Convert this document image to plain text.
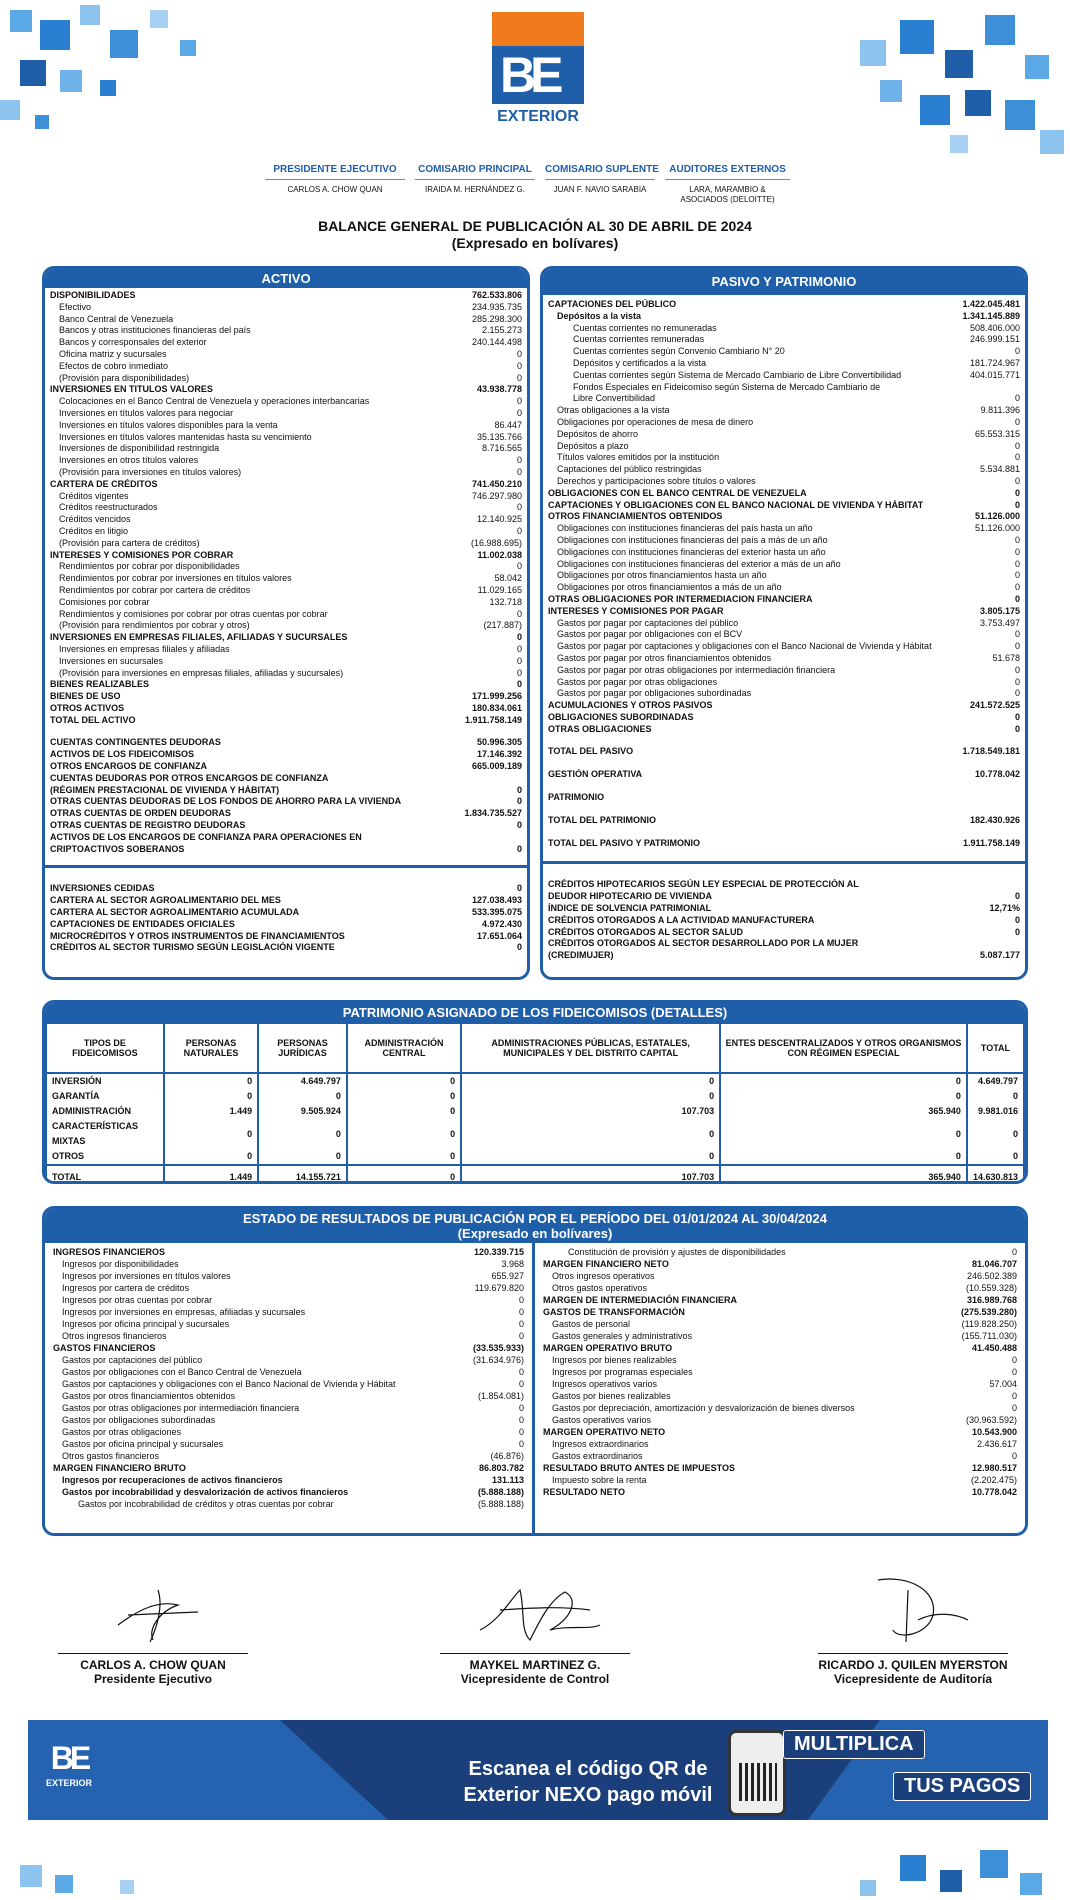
BE
EXTERIOR
PRESIDENTE EJECUTIVO
CARLOS A. CHOW QUAN
COMISARIO PRINCIPAL
IRAIDA M. HERNÁNDEZ G.
COMISARIO SUPLENTE
JUAN F. NAVIO SARABIA
AUDITORES EXTERNOS
LARA, MARAMBIO & ASOCIADOS (DELOITTE)
BALANCE GENERAL DE PUBLICACIÓN AL 30 DE ABRIL DE 2024
(Expresado en bolívares)
ACTIVO
DISPONIBILIDADES	762.533.806
Efectivo	234.935.735
Banco Central de Venezuela	285.298.300
Bancos y otras instituciones financieras del país	2.155.273
Bancos y corresponsales del exterior	240.144.498
Oficina matriz y sucursales	0
Efectos de cobro inmediato	0
(Provisión para disponibilidades)	0
INVERSIONES EN TITULOS VALORES	43.938.778
Colocaciones en el Banco Central de Venezuela y operaciones interbancarias	0
Inversiones en títulos valores para negociar	0
Inversiones en títulos valores disponibles para la venta	86.447
Inversiones en títulos valores mantenidas hasta su vencimiento	35.135.766
Inversiones de disponibilidad restringida	8.716.565
Inversiones en otros títulos valores	0
(Provisión para inversiones en títulos valores)	0
CARTERA DE CRÉDITOS	741.450.210
Créditos vigentes	746.297.980
Créditos reestructurados	0
Créditos vencidos	12.140.925
Créditos en litigio	0
(Provisión para cartera de créditos)	(16.988.695)
INTERESES Y COMISIONES POR COBRAR	11.002.038
Rendimientos por cobrar por disponibilidades	0
Rendimientos por cobrar por inversiones en títulos valores	58.042
Rendimientos por cobrar por cartera de créditos	11.029.165
Comisiones por cobrar	132.718
Rendimientos y comisiones por cobrar por otras cuentas por cobrar	0
(Provisión para rendimientos por cobrar y otros)	(217.887)
INVERSIONES EN EMPRESAS FILIALES, AFILIADAS Y SUCURSALES	0
Inversiones en empresas filiales y afiliadas	0
Inversiones en sucursales	0
(Provisión para inversiones en empresas filiales, afiliadas y sucursales)	0
BIENES REALIZABLES	0
BIENES DE USO	171.999.256
OTROS ACTIVOS	180.834.061
TOTAL DEL ACTIVO	1.911.758.149
CUENTAS CONTINGENTES DEUDORAS	50.996.305
ACTIVOS DE LOS FIDEICOMISOS	17.146.392
OTROS ENCARGOS DE CONFIANZA	665.009.189
CUENTAS DEUDORAS POR OTROS ENCARGOS DE CONFIANZA
(RÉGIMEN PRESTACIONAL DE VIVIENDA Y HÁBITAT)	0
OTRAS CUENTAS DEUDORAS DE LOS FONDOS DE AHORRO PARA LA VIVIENDA	0
OTRAS CUENTAS DE ORDEN DEUDORAS	1.834.735.527
OTRAS CUENTAS DE REGISTRO DEUDORAS	0
ACTIVOS DE LOS ENCARGOS DE CONFIANZA PARA OPERACIONES EN
CRIPTOACTIVOS SOBERANOS	0
INVERSIONES CEDIDAS	0
CARTERA AL SECTOR AGROALIMENTARIO DEL MES	127.038.493
CARTERA AL SECTOR AGROALIMENTARIO ACUMULADA	533.395.075
CAPTACIONES DE ENTIDADES OFICIALES	4.972.430
MICROCRÉDITOS Y OTROS INSTRUMENTOS DE FINANCIAMIENTOS	17.651.064
CRÉDITOS AL SECTOR TURISMO SEGÚN LEGISLACIÓN VIGENTE	0
PASIVO Y PATRIMONIO
CAPTACIONES DEL PÚBLICO	1.422.045.481
Depósitos a la vista	1.341.145.889
Cuentas corrientes no remuneradas	508.406.000
Cuentas corrientes remuneradas	246.999.151
Cuentas corrientes según Convenio Cambiario N° 20	0
Depósitos y certificados a la vista	181.724.967
Cuentas corrientes según Sistema de Mercado Cambiario de Libre Convertibilidad	404.015.771
Fondos Especiales en Fideicomiso según Sistema de Mercado Cambiario de
Libre Convertibilidad	0
Otras obligaciones a la vista	9.811.396
Obligaciones por operaciones de mesa de dinero	0
Depósitos de ahorro	65.553.315
Depósitos a plazo	0
Títulos valores emitidos por la institución	0
Captaciones del público restringidas	5.534.881
Derechos y participaciones sobre títulos o valores	0
OBLIGACIONES CON EL BANCO CENTRAL DE VENEZUELA	0
CAPTACIONES Y OBLIGACIONES CON EL BANCO NACIONAL DE VIVIENDA Y HÁBITAT	0
OTROS FINANCIAMIENTOS OBTENIDOS	51.126.000
Obligaciones con instituciones financieras del país hasta un año	51.126.000
Obligaciones con instituciones financieras del país a más de un año	0
Obligaciones con instituciones financieras del exterior hasta un año	0
Obligaciones con instituciones financieras del exterior a más de un año	0
Obligaciones por otros financiamientos hasta un año	0
Obligaciones por otros financiamientos a más de un año	0
OTRAS OBLIGACIONES POR INTERMEDIACION FINANCIERA	0
INTERESES Y COMISIONES POR PAGAR	3.805.175
Gastos por pagar por captaciones del público	3.753.497
Gastos por pagar por obligaciones con el BCV	0
Gastos por pagar por captaciones y obligaciones con el Banco Nacional de Vivienda y Hábitat	0
Gastos por pagar por otros financiamientos obtenidos	51.678
Gastos por pagar por otras obligaciones por intermediación financiera	0
Gastos por pagar por otras obligaciones	0
Gastos por pagar por obligaciones subordinadas	0
ACUMULACIONES Y OTROS PASIVOS	241.572.525
OBLIGACIONES SUBORDINADAS	0
OTRAS OBLIGACIONES	0
TOTAL DEL PASIVO	1.718.549.181
GESTIÓN OPERATIVA	10.778.042
PATRIMONIO
TOTAL DEL PATRIMONIO	182.430.926
TOTAL DEL PASIVO Y PATRIMONIO	1.911.758.149
CRÉDITOS HIPOTECARIOS SEGÚN LEY ESPECIAL DE PROTECCIÓN AL
DEUDOR HIPOTECARIO DE VIVIENDA	0
ÍNDICE DE SOLVENCIA PATRIMONIAL	12,71%
CRÉDITOS OTORGADOS A LA ACTIVIDAD MANUFACTURERA	0
CRÉDITOS OTORGADOS AL SECTOR SALUD	0
CRÉDITOS OTORGADOS AL SECTOR DESARROLLADO POR LA MUJER
(CREDIMUJER)	5.087.177
PATRIMONIO ASIGNADO DE LOS FIDEICOMISOS (DETALLES)
TIPOS DE FIDEICOMISOS	PERSONAS NATURALES	PERSONAS JURÍDICAS	ADMINISTRACIÓN CENTRAL	ADMINISTRACIONES PÚBLICAS, ESTATALES, MUNICIPALES Y DEL DISTRITO CAPITAL	ENTES DESCENTRALIZADOS Y OTROS ORGANISMOS CON RÉGIMEN ESPECIAL	TOTAL
INVERSIÓN	0	4.649.797	0	0	0	4.649.797
GARANTÍA	0	0	0	0	0	0
ADMINISTRACIÓN	1.449	9.505.924	0	107.703	365.940	9.981.016
CARACTERÍSTICAS MIXTAS	0	0	0	0	0	0
OTROS	0	0	0	0	0	0

TOTAL	1.449	14.155.721	0	107.703	365.940	14.630.813
ESTADO DE RESULTADOS DE PUBLICACIÓN POR EL PERÍODO DEL 01/01/2024 AL 30/04/2024
(Expresado en bolívares)
INGRESOS FINANCIEROS	120.339.715
Ingresos por disponibilidades	3.968
Ingresos por inversiones en títulos valores	655.927
Ingresos por cartera de créditos	119.679.820
Ingresos por otras cuentas por cobrar	0
Ingresos por inversiones en empresas, afiliadas y sucursales	0
Ingresos por oficina principal y sucursales	0
Otros ingresos financieros	0
GASTOS FINANCIEROS	(33.535.933)
Gastos por captaciones del público	(31.634.976)
Gastos por obligaciones con el Banco Central de Venezuela	0
Gastos por captaciones y obligaciones con el Banco Nacional de Vivienda y Hábitat	0
Gastos por otros financiamientos obtenidos	(1.854.081)
Gastos por otras obligaciones por intermediación financiera	0
Gastos por obligaciones subordinadas	0
Gastos por otras obligaciones	0
Gastos por oficina principal y sucursales	0
Otros gastos financieros	(46.876)
MARGEN FINANCIERO BRUTO	86.803.782
Ingresos por recuperaciones de activos financieros	131.113
Gastos por incobrabilidad y desvalorización de activos financieros	(5.888.188)
Gastos por incobrabilidad de créditos y otras cuentas por cobrar	(5.888.188)
Constitución de provisión y ajustes de disponibilidades	0
MARGEN FINANCIERO NETO	81.046.707
Otros ingresos operativos	246.502.389
Otros gastos operativos	(10.559.328)
MARGEN DE INTERMEDIACIÓN FINANCIERA	316.989.768
GASTOS DE TRANSFORMACIÓN	(275.539.280)
Gastos de personal	(119.828.250)
Gastos generales y administrativos	(155.711.030)
MARGEN OPERATIVO BRUTO	41.450.488
Ingresos por bienes realizables	0
Ingresos por programas especiales	0
Ingresos operativos varios	57.004
Gastos por bienes realizables	0
Gastos por depreciación, amortización y desvalorización de bienes diversos	0
Gastos operativos varios	(30.963.592)
MARGEN OPERATIVO NETO	10.543.900
Ingresos extraordinarios	2.436.617
Gastos extraordinarios	0
RESULTADO BRUTO ANTES DE IMPUESTOS	12.980.517
Impuesto sobre la renta	(2.202.475)
RESULTADO NETO	10.778.042
CARLOS A. CHOW QUAN
Presidente Ejecutivo
MAYKEL MARTINEZ G.
Vicepresidente de Control
RICARDO J. QUILEN MYERSTON
Vicepresidente de Auditoría
BE
EXTERIOR
Escanea el código QR de
Exterior NEXO pago móvil
MULTIPLICA
TUS PAGOS
